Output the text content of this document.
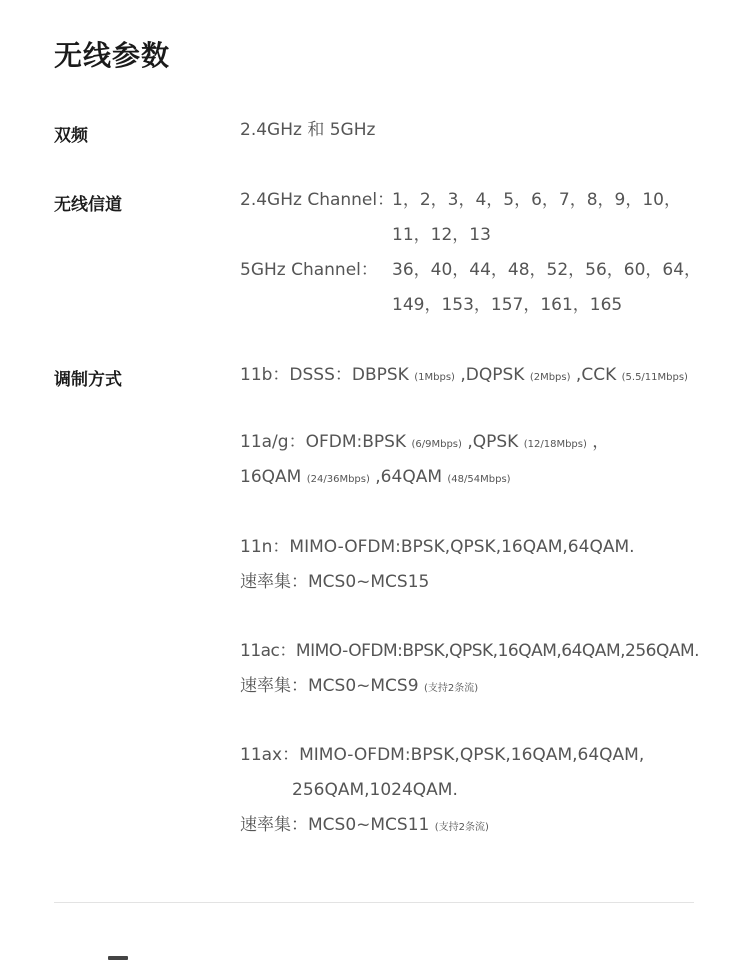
无线参数
双频	2.4GHz 和 5GHz
无线信道	2.4GHz Channel：
1，2，3，4，5，6，7，8，9，10，
11，12，13
5GHz Channel： 36，40，44，48，52，56，60，64，
149，153，157，161，165
调制方式	11b：DSSS：DBPSK (1Mbps) ,DQPSK (2Mbps) ,CCK (5.5/11Mbps)
11a/g：OFDM:BPSK (6/9Mbps) ,QPSK (12/18Mbps) ，
16QAM (24/36Mbps) ,64QAM (48/54Mbps)
11n：MIMO-OFDM:BPSK,QPSK,16QAM,64QAM.
速率集：MCS0~MCS15
11ac：MIMO-OFDM:BPSK,QPSK,16QAM,64QAM,256QAM.
速率集：MCS0~MCS9 (支持2条流)
11ax：MIMO-OFDM:BPSK,QPSK,16QAM,64QAM,
256QAM,1024QAM.
速率集：MCS0~MCS11 (支持2条流)
